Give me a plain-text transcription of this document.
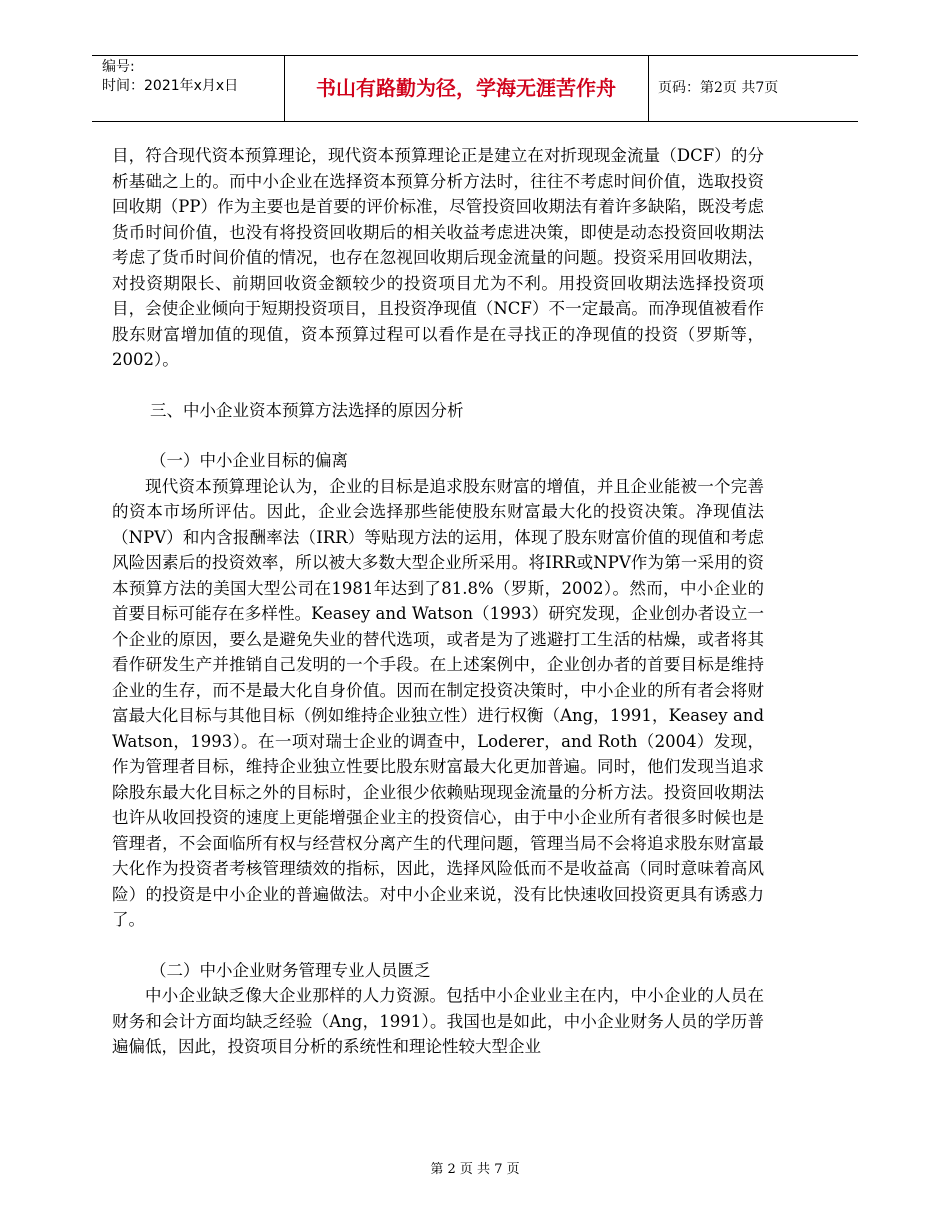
编号:
时间：2021年x月x日	书山有路勤为径，学海无涯苦作舟	页码：第2页 共7页

目，符合现代资本预算理论，现代资本预算理论正是建立在对折现现金流量（DCF）的分析基础之上的。而中小企业在选择资本预算分析方法时，往往不考虑时间价值，选取投资回收期（PP）作为主要也是首要的评价标准，尽管投资回收期法有着许多缺陷，既没考虑货币时间价值，也没有将投资回收期后的相关收益考虑进决策，即使是动态投资回收期法考虑了货币时间价值的情况，也存在忽视回收期后现金流量的问题。投资采用回收期法，对投资期限长、前期回收资金额较少的投资项目尤为不利。用投资回收期法选择投资项目，会使企业倾向于短期投资项目，且投资净现值（NCF）不一定最高。而净现值被看作股东财富增加值的现值，资本预算过程可以看作是在寻找正的净现值的投资（罗斯等，2002）。

三、中小企业资本预算方法选择的原因分析

（一）中小企业目标的偏离

现代资本预算理论认为，企业的目标是追求股东财富的增值，并且企业能被一个完善的资本市场所评估。因此，企业会选择那些能使股东财富最大化的投资决策。净现值法（NPV）和内含报酬率法（IRR）等贴现方法的运用，体现了股东财富价值的现值和考虑风险因素后的投资效率，所以被大多数大型企业所采用。将IRR或NPV作为第一采用的资本预算方法的美国大型公司在1981年达到了81.8%（罗斯，2002）。然而，中小企业的首要目标可能存在多样性。Keasey and Watson（1993）研究发现，企业创办者设立一个企业的原因，要么是避免失业的替代选项，或者是为了逃避打工生活的枯燥，或者将其看作研发生产并推销自己发明的一个手段。在上述案例中，企业创办者的首要目标是维持企业的生存，而不是最大化自身价值。因而在制定投资决策时，中小企业的所有者会将财富最大化目标与其他目标（例如维持企业独立性）进行权衡（Ang，1991，Keasey and Watson，1993）。在一项对瑞士企业的调查中，Loderer，and Roth（2004）发现，作为管理者目标，维持企业独立性要比股东财富最大化更加普遍。同时，他们发现当追求除股东最大化目标之外的目标时，企业很少依赖贴现现金流量的分析方法。投资回收期法也许从收回投资的速度上更能增强企业主的投资信心，由于中小企业所有者很多时候也是管理者，不会面临所有权与经营权分离产生的代理问题，管理当局不会将追求股东财富最大化作为投资者考核管理绩效的指标，因此，选择风险低而不是收益高（同时意味着高风险）的投资是中小企业的普遍做法。对中小企业来说，没有比快速收回投资更具有诱惑力了。

（二）中小企业财务管理专业人员匮乏

中小企业缺乏像大企业那样的人力资源。包括中小企业业主在内，中小企业的人员在财务和会计方面均缺乏经验（Ang，1991）。我国也是如此，中小企业财务人员的学历普遍偏低，因此，投资项目分析的系统性和理论性较大型企业

第 2 页 共 7 页
